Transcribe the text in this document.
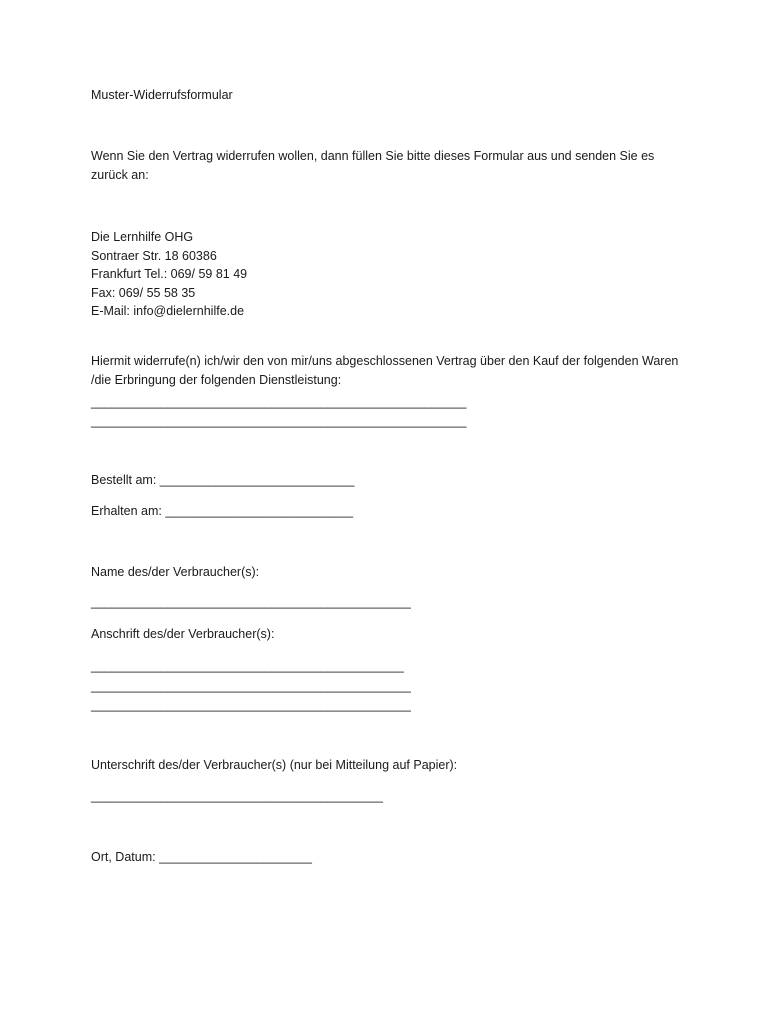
Muster-Widerrufsformular

Wenn Sie den Vertrag widerrufen wollen, dann füllen Sie bitte dieses Formular aus und senden Sie es zurück an:

Die Lernhilfe OHG

Sontraer Str. 18 60386

Frankfurt Tel.: 069/ 59 81 49

Fax: 069/ 55 58 35

E-Mail: info@dielernhilfe.de

Hiermit widerrufe(n) ich/wir den von mir/uns abgeschlossenen Vertrag über den Kauf der folgenden Waren /die Erbringung der folgenden Dienstleistung:

______________________________________________________

______________________________________________________

Bestellt am: ____________________________

Erhalten am: ___________________________

Name des/der Verbraucher(s):

______________________________________________

Anschrift des/der Verbraucher(s):

_____________________________________________

______________________________________________

______________________________________________

Unterschrift des/der Verbraucher(s) (nur bei Mitteilung auf Papier):

__________________________________________

Ort, Datum: ______________________
